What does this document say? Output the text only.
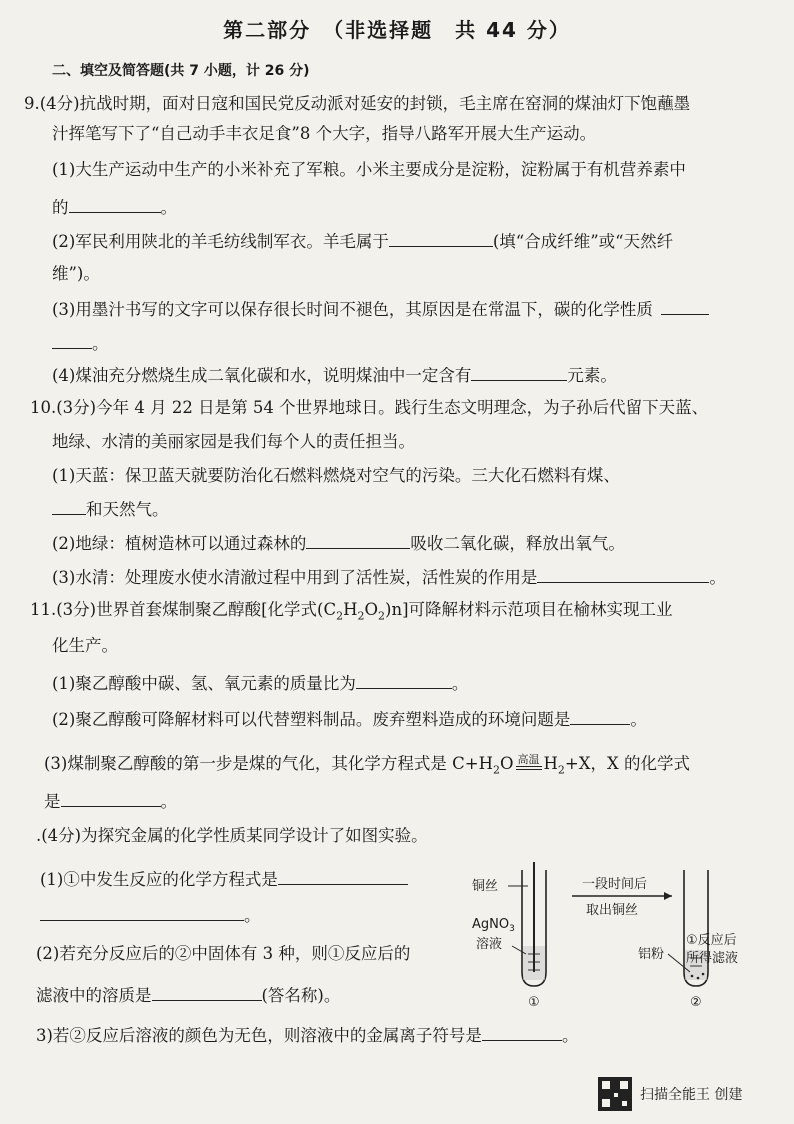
第二部分　（非选择题　共 44 分）
二、填空及简答题(共 7 小题，计 26 分)
9.(4分)抗战时期，面对日寇和国民党反动派对延安的封锁，毛主席在窑洞的煤油灯下饱蘸墨
汁挥笔写下了“自己动手丰衣足食”8 个大字，指导八路军开展大生产运动。
(1)大生产运动中生产的小米补充了军粮。小米主要成分是淀粉，淀粉属于有机营养素中
的	。
(2)军民利用陕北的羊毛纺线制军衣。羊毛属于	(填“合成纤维”或“天然纤
维”)。
(3)用墨汁书写的文字可以保存很长时间不褪色，其原因是在常温下，碳的化学性质
。
(4)煤油充分燃烧生成二氧化碳和水，说明煤油中一定含有	元素。
10.(3分)今年 4 月 22 日是第 54 个世界地球日。践行生态文明理念，为子孙后代留下天蓝、
地绿、水清的美丽家园是我们每个人的责任担当。
(1)天蓝：保卫蓝天就要防治化石燃料燃烧对空气的污染。三大化石燃料有煤、
和天然气。
(2)地绿：植树造林可以通过森林的	吸收二氧化碳，释放出氧气。
(3)水清：处理废水使水清澈过程中用到了活性炭，活性炭的作用是	。
11.(3分)世界首套煤制聚乙醇酸[化学式$(C_2H_2O_2)n$]可降解材料示范项目在榆林实现工业
化生产。
(1)聚乙醇酸中碳、氢、氧元素的质量比为	。
(2)聚乙醇酸可降解材料可以代替塑料制品。废弃塑料造成的环境问题是	。
(3)煤制聚乙醇酸的第一步是煤的气化，其化学方程式是 $C+H_2O$ 高温 $H_2+X$，X 的化学式
是	。
.(4分)为探究金属的化学性质某同学设计了如图实验。
(1)①中发生反应的化学方程式是
。
(2)若充分反应后的②中固体有 3 种，则①反应后的
滤液中的溶质是	(答名称)。
3)若②反应后溶液的颜色为无色，则溶液中的金属离子符号是	。
铜丝
AgNO$_3$
溶液
①
一段时间后
取出铜丝
铝粉
①反应后
所得滤液
②
扫描全能王 创建
